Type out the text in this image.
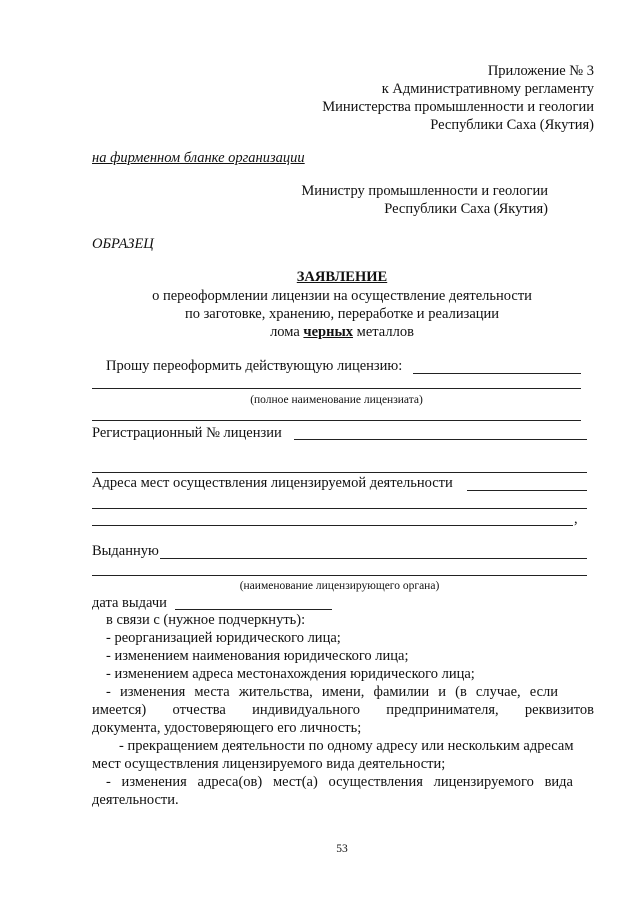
Приложение № 3
к Административному регламенту
Министерства промышленности и геологии
Республики Саха (Якутия)
на фирменном бланке организации
Министру промышленности и геологии
Республики Саха (Якутия)
ОБРАЗЕЦ
ЗАЯВЛЕНИЕ
о переоформлении лицензии на осуществление деятельности
по заготовке, хранению, переработке и реализации
лома черных металлов
Прошу переоформить действующую лицензию:
(полное наименование лицензиата)
Регистрационный № лицензии
Адреса мест осуществления лицензируемой деятельности
,
Выданную
(наименование лицензирующего органа)
дата выдачи
в связи с (нужное подчеркнуть):
- реорганизацией юридического лица;
- изменением наименования юридического лица;
- изменением адреса местонахождения юридического лица;
- изменения места жительства, имени, фамилии и (в случае, если
имеется) отчества индивидуального предпринимателя, реквизитов
документа, удостоверяющего его личность;
- прекращением деятельности по одному адресу или нескольким адресам
мест осуществления лицензируемого вида деятельности;
- изменения адреса(ов) мест(а) осуществления лицензируемого вида
деятельности.
53
